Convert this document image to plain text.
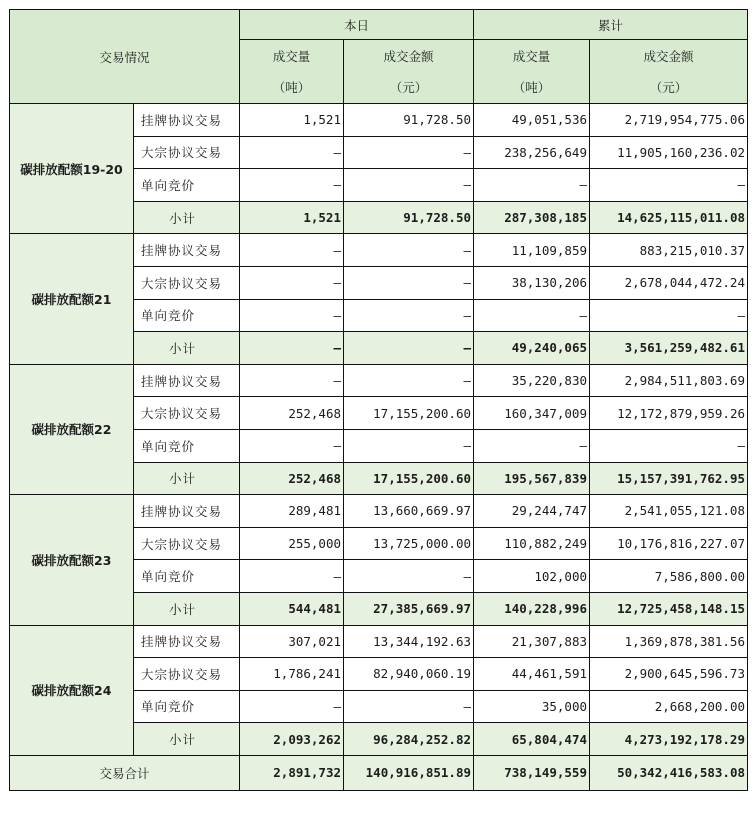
交易情况		本日		累计	
		成交量	成交金额	成交量	成交金额
		（吨）	（元）	（吨）	（元）
碳排放配额19-20	挂牌协议交易	1,521	91,728.50	49,051,536	2,719,954,775.06
	大宗协议交易	–	–	238,256,649	11,905,160,236.02
	单向竞价	–	–	–	–
	小计	1,521	91,728.50	287,308,185	14,625,115,011.08
碳排放配额21	挂牌协议交易	–	–	11,109,859	883,215,010.37
	大宗协议交易	–	–	38,130,206	2,678,044,472.24
	单向竞价	–	–	–	–
	小计	–	–	49,240,065	3,561,259,482.61
碳排放配额22	挂牌协议交易	–	–	35,220,830	2,984,511,803.69
	大宗协议交易	252,468	17,155,200.60	160,347,009	12,172,879,959.26
	单向竞价	–	–	–	–
	小计	252,468	17,155,200.60	195,567,839	15,157,391,762.95
碳排放配额23	挂牌协议交易	289,481	13,660,669.97	29,244,747	2,541,055,121.08
	大宗协议交易	255,000	13,725,000.00	110,882,249	10,176,816,227.07
	单向竞价	–	–	102,000	7,586,800.00
	小计	544,481	27,385,669.97	140,228,996	12,725,458,148.15
碳排放配额24	挂牌协议交易	307,021	13,344,192.63	21,307,883	1,369,878,381.56
	大宗协议交易	1,786,241	82,940,060.19	44,461,591	2,900,645,596.73
	单向竞价	–	–	35,000	2,668,200.00
	小计	2,093,262	96,284,252.82	65,804,474	4,273,192,178.29
交易合计		2,891,732	140,916,851.89	738,149,559	50,342,416,583.08
